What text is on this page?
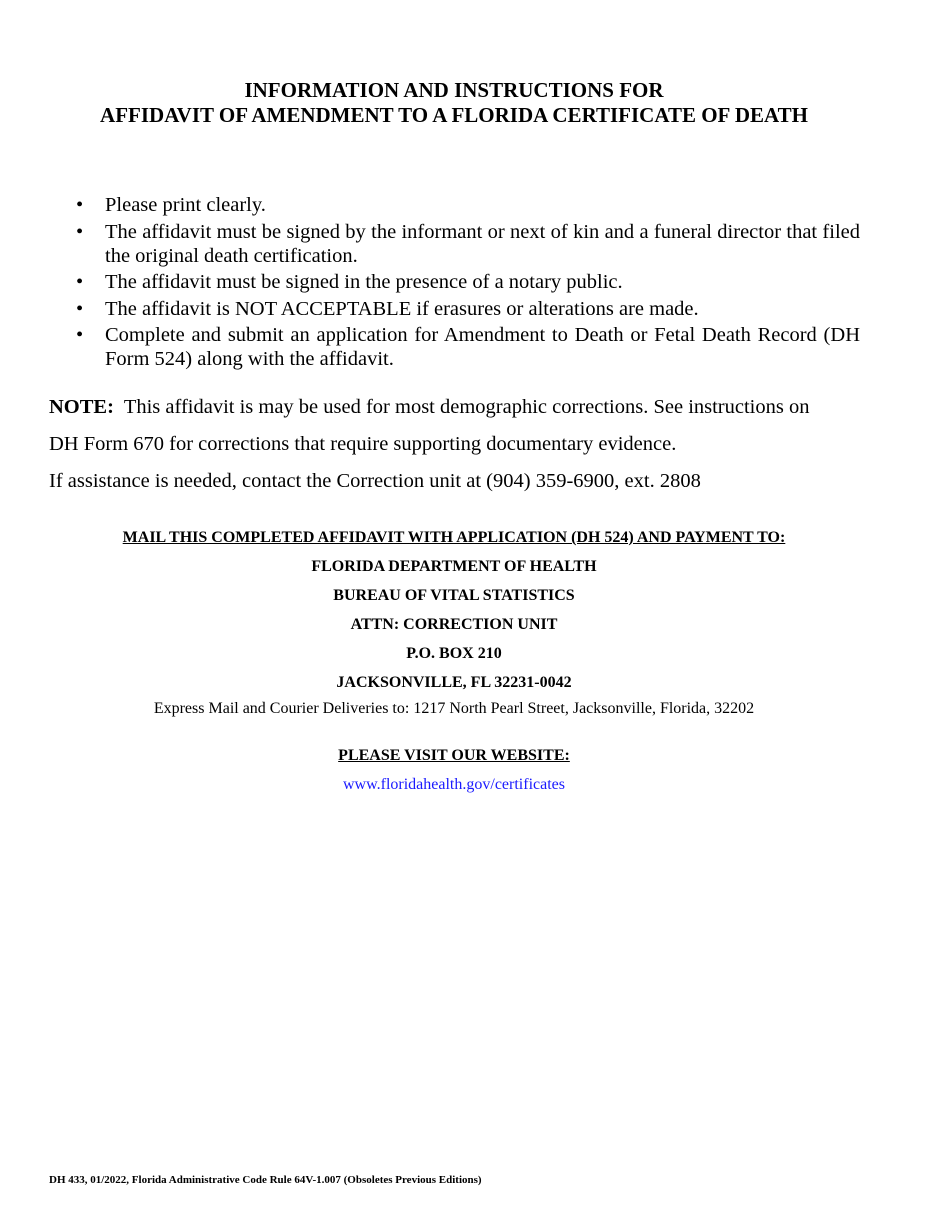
INFORMATION AND INSTRUCTIONS FOR
AFFIDAVIT OF AMENDMENT TO A FLORIDA CERTIFICATE OF DEATH
• Please print clearly.
• The affidavit must be signed by the informant or next of kin and a funeral director that filed the original death certification.
• The affidavit must be signed in the presence of a notary public.
• The affidavit is NOT ACCEPTABLE if erasures or alterations are made.
• Complete and submit an application for Amendment to Death or Fetal Death Record (DH Form 524) along with the affidavit.
NOTE: This affidavit is may be used for most demographic corrections. See instructions on
DH Form 670 for corrections that require supporting documentary evidence.
If assistance is needed, contact the Correction unit at (904) 359-6900, ext. 2808
MAIL THIS COMPLETED AFFIDAVIT WITH APPLICATION (DH 524) AND PAYMENT TO:
FLORIDA DEPARTMENT OF HEALTH
BUREAU OF VITAL STATISTICS
ATTN: CORRECTION UNIT
P.O. BOX 210
JACKSONVILLE, FL 32231-0042
Express Mail and Courier Deliveries to: 1217 North Pearl Street, Jacksonville, Florida, 32202
PLEASE VISIT OUR WEBSITE:
www.floridahealth.gov/certificates
DH 433, 01/2022, Florida Administrative Code Rule 64V-1.007 (Obsoletes Previous Editions)
